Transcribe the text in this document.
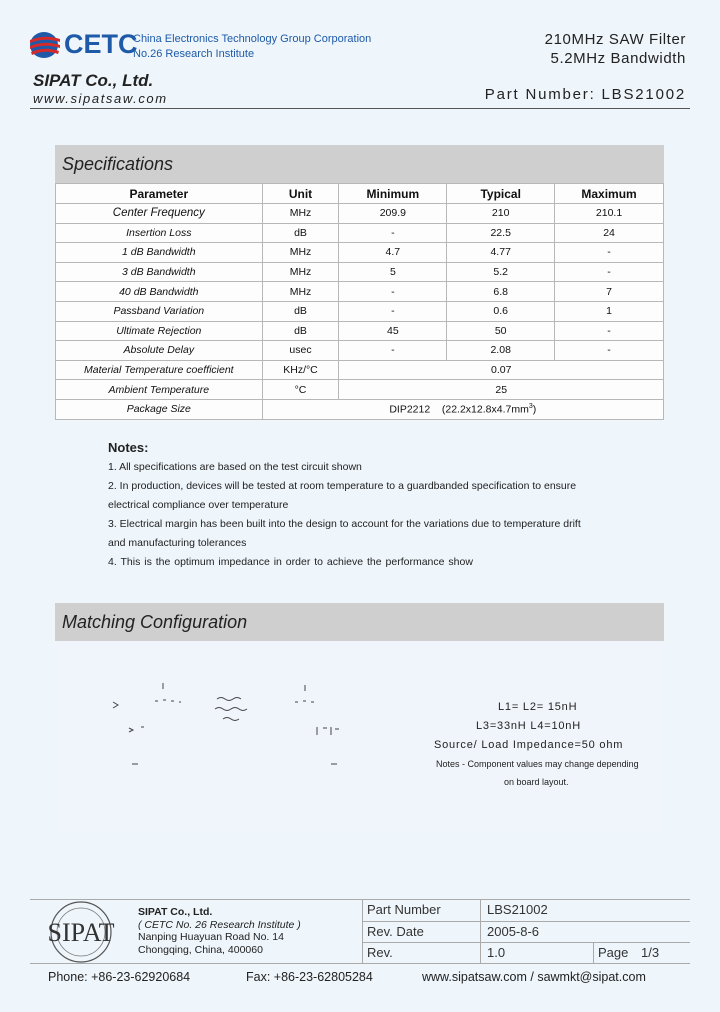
CETC
China Electronics Technology Group Corporation
No.26 Research Institute
SIPAT Co., Ltd.
www.sipatsaw.com
210MHz SAW Filter
5.2MHz Bandwidth
Part Number: LBS21002
Specifications
Parameter	Unit	Minimum	Typical	Maximum
Center Frequency	MHz	209.9	210	210.1
Insertion Loss	dB	-	22.5	24
1 dB Bandwidth	MHz	4.7	4.77	-
3 dB Bandwidth	MHz	5	5.2	-
40 dB Bandwidth	MHz	-	6.8	7
Passband Variation	dB	-	0.6	1
Ultimate Rejection	dB	45	50	-
Absolute Delay	usec	-	2.08	-
Material Temperature coefficient	KHz/°C	0.07		
Ambient Temperature	°C	25		
Package Size	DIP2212    $(22.2x12.8x4.7mm^3)$			
Notes:
1. All specifications are based on the test circuit shown
2. In production, devices will be tested at room temperature to a guardbanded specification to ensure
electrical compliance over temperature
3. Electrical margin has been built into the design to account for the variations due to temperature drift
and manufacturing tolerances
4. This is the optimum impedance in order to achieve the performance show
Matching Configuration
L1= L2= 15nH
L3=33nH L4=10nH
Source/ Load Impedance=50 ohm
Notes - Component values may change depending
on board layout.
SIPAT
SIPAT Co., Ltd.
( CETC No. 26 Research Institute )
Nanping Huayuan Road No. 14
Chongqing, China, 400060
Part Number	LBS21002
Rev. Date	2005-8-6
Rev.	1.0	Page 1/3
Phone: +86-23-62920684	Fax: +86-23-62805284	www.sipatsaw.com / sawmkt@sipat.com
